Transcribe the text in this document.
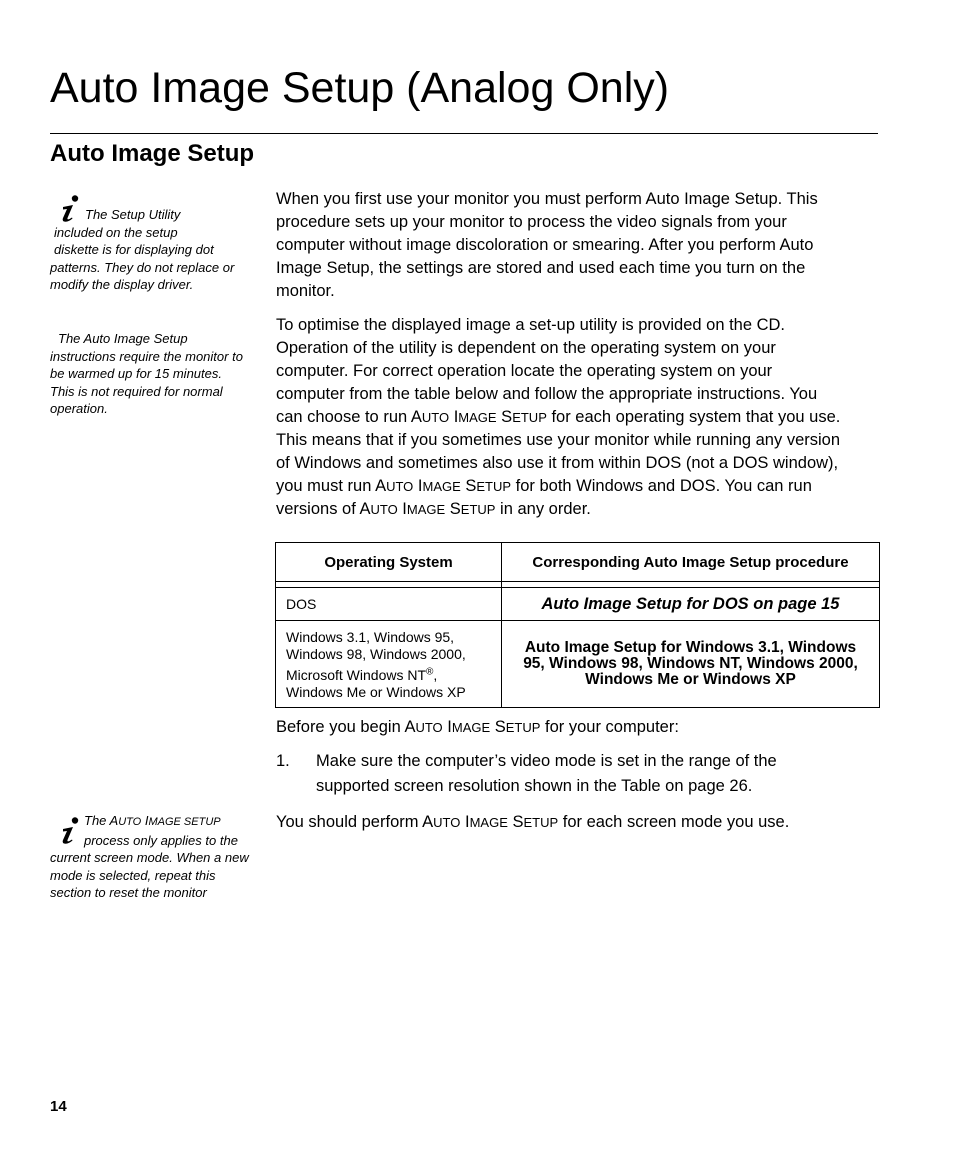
Auto Image Setup (Analog Only)
Auto Image Setup
The Setup Utility
included on the setup
diskette is for displaying dot
patterns. They do not replace or
modify the display driver.
The Auto Image Setup
instructions require the monitor to
be warmed up for 15 minutes.
This is not required for normal
operation.
When you first use your monitor you must perform Auto Image Setup. This
procedure sets up your monitor to process the video signals from your
computer without image discoloration or smearing. After you perform Auto
Image Setup, the settings are stored and used each time you turn on the
monitor.
To optimise the displayed image a set-up utility is provided on the CD.
Operation of the utility is dependent on the operating system on your
computer. For correct operation locate the operating system on your
computer from the table below and follow the appropriate instructions. You
can choose to run AUTO IMAGE SETUP for each operating system that you use.
This means that if you sometimes use your monitor while running any version
of Windows and sometimes also use it from within DOS (not a DOS window),
you must run AUTO IMAGE SETUP for both Windows and DOS. You can run
versions of AUTO IMAGE SETUP in any order.
Operating System	Corresponding Auto Image Setup procedure

DOS	Auto Image Setup for DOS on page 15

Windows 3.1, Windows 95,
Windows 98, Windows 2000,
Microsoft Windows NT®,
Windows Me or Windows XP	Auto Image Setup for Windows 3.1, Windows
95, Windows 98, Windows NT, Windows 2000,
Windows Me or Windows XP
Before you begin AUTO IMAGE SETUP for your computer:
1. Make sure the computer’s video mode is set in the range of the
supported screen resolution shown in the Table on page 26.
The AUTO IMAGE SETUP
process only applies to the
current screen mode. When a new
mode is selected, repeat this
section to reset the monitor
You should perform AUTO IMAGE SETUP for each screen mode you use.
14
